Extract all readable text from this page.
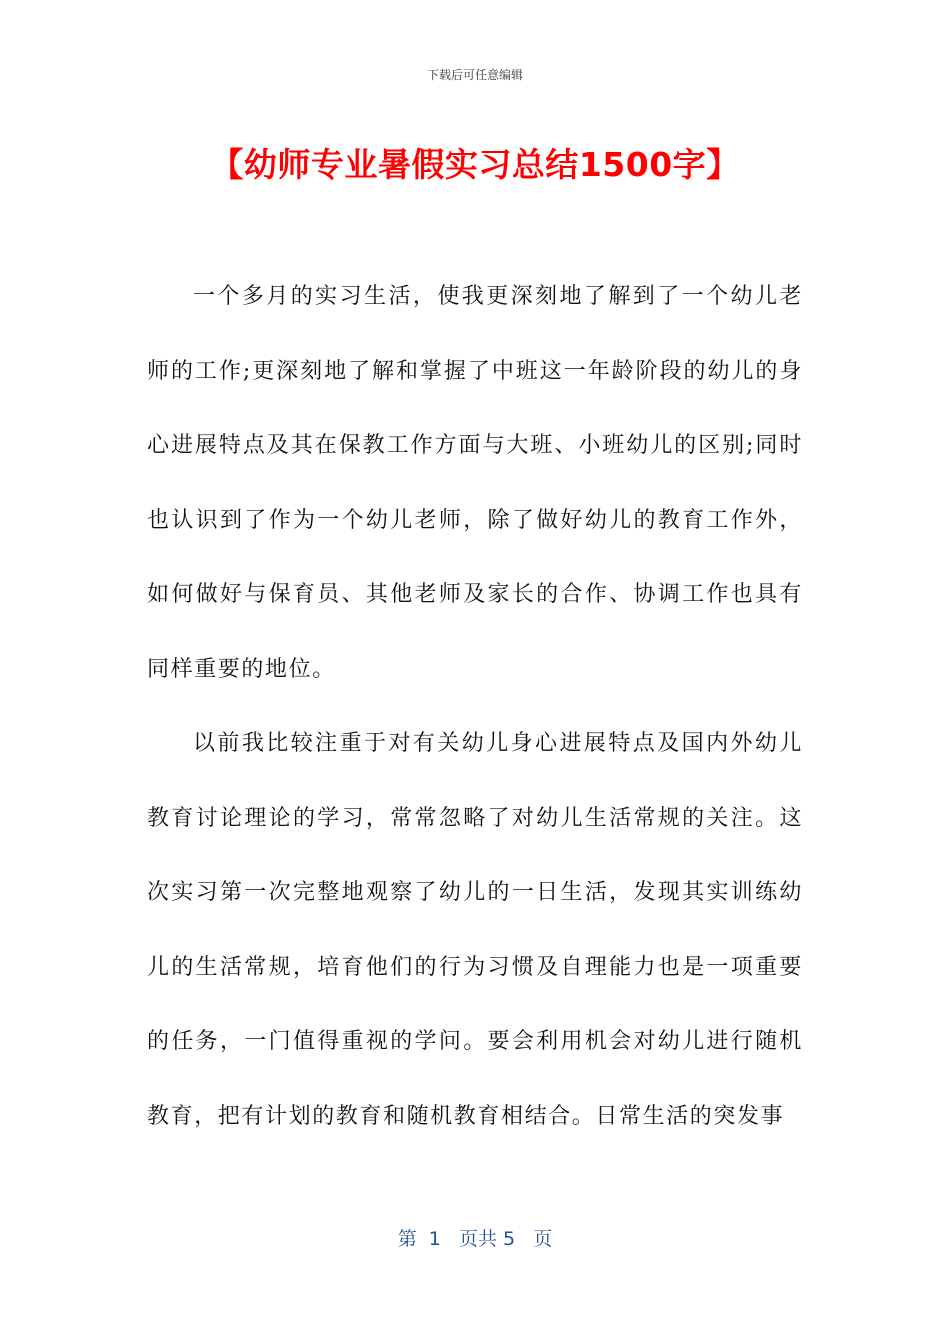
下载后可任意编辑
【幼师专业暑假实习总结1500字】

一个多月的实习生活，使我更深刻地了解到了一个幼儿老师的工作;更深刻地了解和掌握了中班这一年龄阶段的幼儿的身心进展特点及其在保教工作方面与大班、小班幼儿的区别;同时也认识到了作为一个幼儿老师，除了做好幼儿的教育工作外，如何做好与保育员、其他老师及家长的合作、协调工作也具有同样重要的地位。

以前我比较注重于对有关幼儿身心进展特点及国内外幼儿教育讨论理论的学习，常常忽略了对幼儿生活常规的关注。这次实习第一次完整地观察了幼儿的一日生活，发现其实训练幼儿的生活常规，培育他们的行为习惯及自理能力也是一项重要的任务，一门值得重视的学问。要会利用机会对幼儿进行随机教育，把有计划的教育和随机教育相结合。日常生活的突发事

第  1   页共 5   页
